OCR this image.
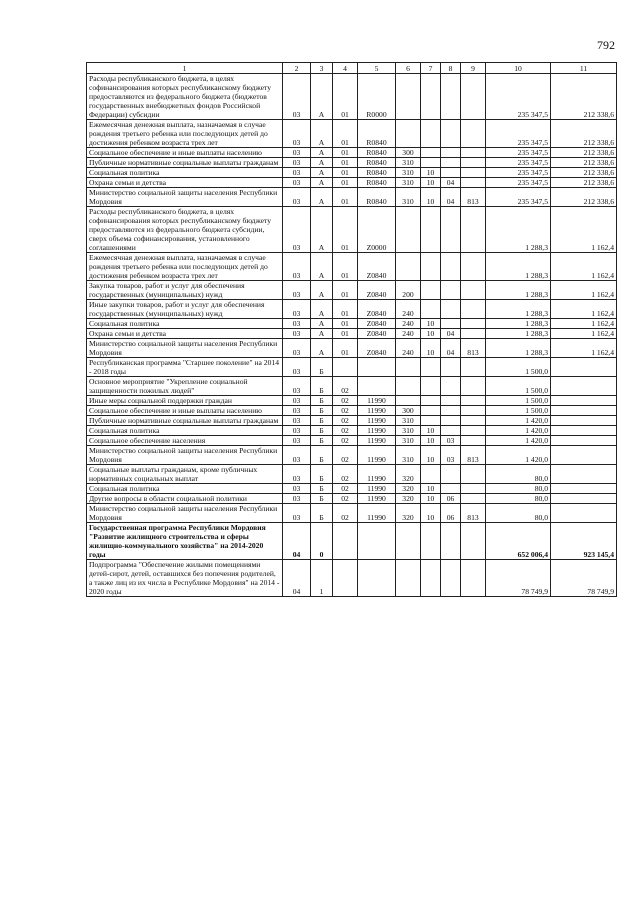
792
1	2	3	4	5	6	7	8	9	10	11
Расходы республиканского бюджета, в целях софинансирования которых республиканскому бюджету предоставляются из федерального бюджета (бюджетов государственных внебюджетных фондов Российской Федерации) субсидии	03	А	01	R0000					235 347,5	212 338,6
Ежемесячная денежная выплата, назначаемая в случае рождения третьего ребенка или последующих детей до достижения ребенком возраста трех лет	03	А	01	R0840					235 347,5	212 338,6
Социальное обеспечение и иные выплаты населению	03	А	01	R0840	300				235 347,5	212 338,6
Публичные нормативные социальные выплаты гражданам	03	А	01	R0840	310				235 347,5	212 338,6
Социальная политика	03	А	01	R0840	310	10			235 347,5	212 338,6
Охрана семьи и детства	03	А	01	R0840	310	10	04		235 347,5	212 338,6
Министерство социальной защиты населения Республики Мордовия	03	А	01	R0840	310	10	04	813	235 347,5	212 338,6
Расходы республиканского бюджета, в целях софинансирования которых республиканскому бюджету предоставляются из федерального бюджета субсидии, сверх объема софинансирования, установленного соглашениями	03	А	01	Z0000					1 288,3	1 162,4
Ежемесячная денежная выплата, назначаемая в случае рождения третьего ребенка или последующих детей до достижения ребенком возраста трех лет	03	А	01	Z0840					1 288,3	1 162,4
Закупка товаров, работ и услуг для обеспечения государственных (муниципальных) нужд	03	А	01	Z0840	200				1 288,3	1 162,4
Иные закупки товаров, работ и услуг для обеспечения государственных (муниципальных) нужд	03	А	01	Z0840	240				1 288,3	1 162,4
Социальная политика	03	А	01	Z0840	240	10			1 288,3	1 162,4
Охрана семьи и детства	03	А	01	Z0840	240	10	04		1 288,3	1 162,4
Министерство социальной защиты населения Республики Мордовия	03	А	01	Z0840	240	10	04	813	1 288,3	1 162,4
Республиканская программа "Старшее поколение" на 2014 - 2018 годы	03	Б							1 500,0	
Основное мероприятие "Укрепление социальной защищенности пожилых людей"	03	Б	02						1 500,0	
Иные меры социальной поддержки граждан	03	Б	02	11990					1 500,0	
Социальное обеспечение и иные выплаты населению	03	Б	02	11990	300				1 500,0	
Публичные нормативные социальные выплаты гражданам	03	Б	02	11990	310				1 420,0	
Социальная политика	03	Б	02	11990	310	10			1 420,0	
Социальное обеспечение населения	03	Б	02	11990	310	10	03		1 420,0	
Министерство социальной защиты населения Республики Мордовия	03	Б	02	11990	310	10	03	813	1 420,0	
Социальные выплаты гражданам, кроме публичных нормативных социальных выплат	03	Б	02	11990	320				80,0	
Социальная политика	03	Б	02	11990	320	10			80,0	
Другие вопросы в области социальной политики	03	Б	02	11990	320	10	06		80,0	
Министерство социальной защиты населения Республики Мордовия	03	Б	02	11990	320	10	06	813	80,0	
Государственная программа Республики Мордовия "Развитие жилищного строительства и сферы жилищно-коммунального хозяйства" на 2014-2020 годы	04	0							652 006,4	923 145,4
Подпрограмма "Обеспечение жилыми помещениями детей-сирот, детей, оставшихся без попечения родителей, а также лиц из их числа в Республике Мордовия" на 2014 - 2020 годы	04	1							78 749,9	78 749,9
